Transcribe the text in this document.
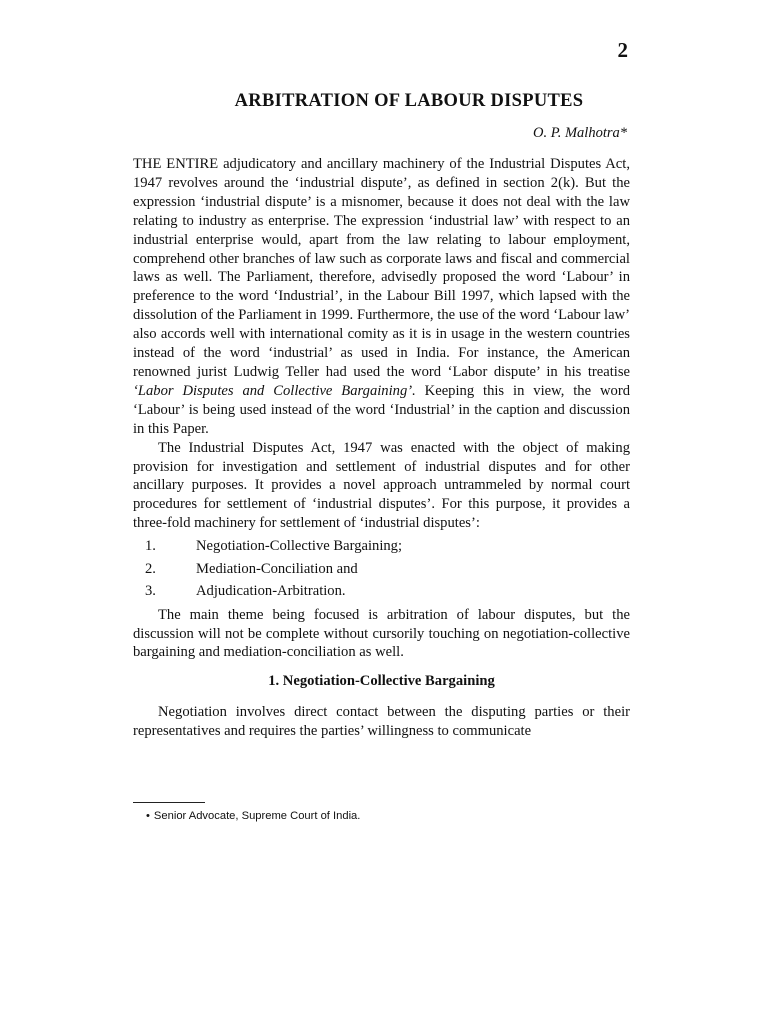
2
ARBITRATION OF LABOUR DISPUTES
O. P. Malhotra*

THE ENTIRE adjudicatory and ancillary machinery of the Industrial Disputes Act, 1947 revolves around the ‘industrial dispute’, as defined in section 2(k). But the expression ‘industrial dispute’ is a misnomer, because it does not deal with the law relating to industry as enterprise. The expression ‘industrial law’ with respect to an industrial enterprise would, apart from the law relating to labour employment, comprehend other branches of law such as corporate laws and fiscal and commercial laws as well. The Parliament, therefore, advisedly proposed the word ‘Labour’ in preference to the word ‘Industrial’, in the Labour Bill 1997, which lapsed with the dissolution of the Parliament in 1999. Furthermore, the use of the word ‘Labour law’ also accords well with international comity as it is in usage in the western countries instead of the word ‘industrial’ as used in India. For instance, the American renowned jurist Ludwig Teller had used the word ‘Labor dispute’ in his treatise ‘Labor Disputes and Collective Bargaining’. Keeping this in view, the word ‘Labour’ is being used instead of the word ‘Industrial’ in the caption and discussion in this Paper.

The Industrial Disputes Act, 1947 was enacted with the object of making provision for investigation and settlement of industrial disputes and for other ancillary purposes. It provides a novel approach untrammeled by normal court procedures for settlement of ‘industrial disputes’. For this purpose, it provides a three-fold machinery for settlement of ‘industrial disputes’:

1.	Negotiation-Collective Bargaining;
2.	Mediation-Conciliation and
3.	Adjudication-Arbitration.

The main theme being focused is arbitration of labour disputes, but the discussion will not be complete without cursorily touching on negotiation-collective bargaining and mediation-conciliation as well.

1. Negotiation-Collective Bargaining

Negotiation involves direct contact between the disputing parties or their representatives and requires the parties’ willingness to communicate

• Senior Advocate, Supreme Court of India.
